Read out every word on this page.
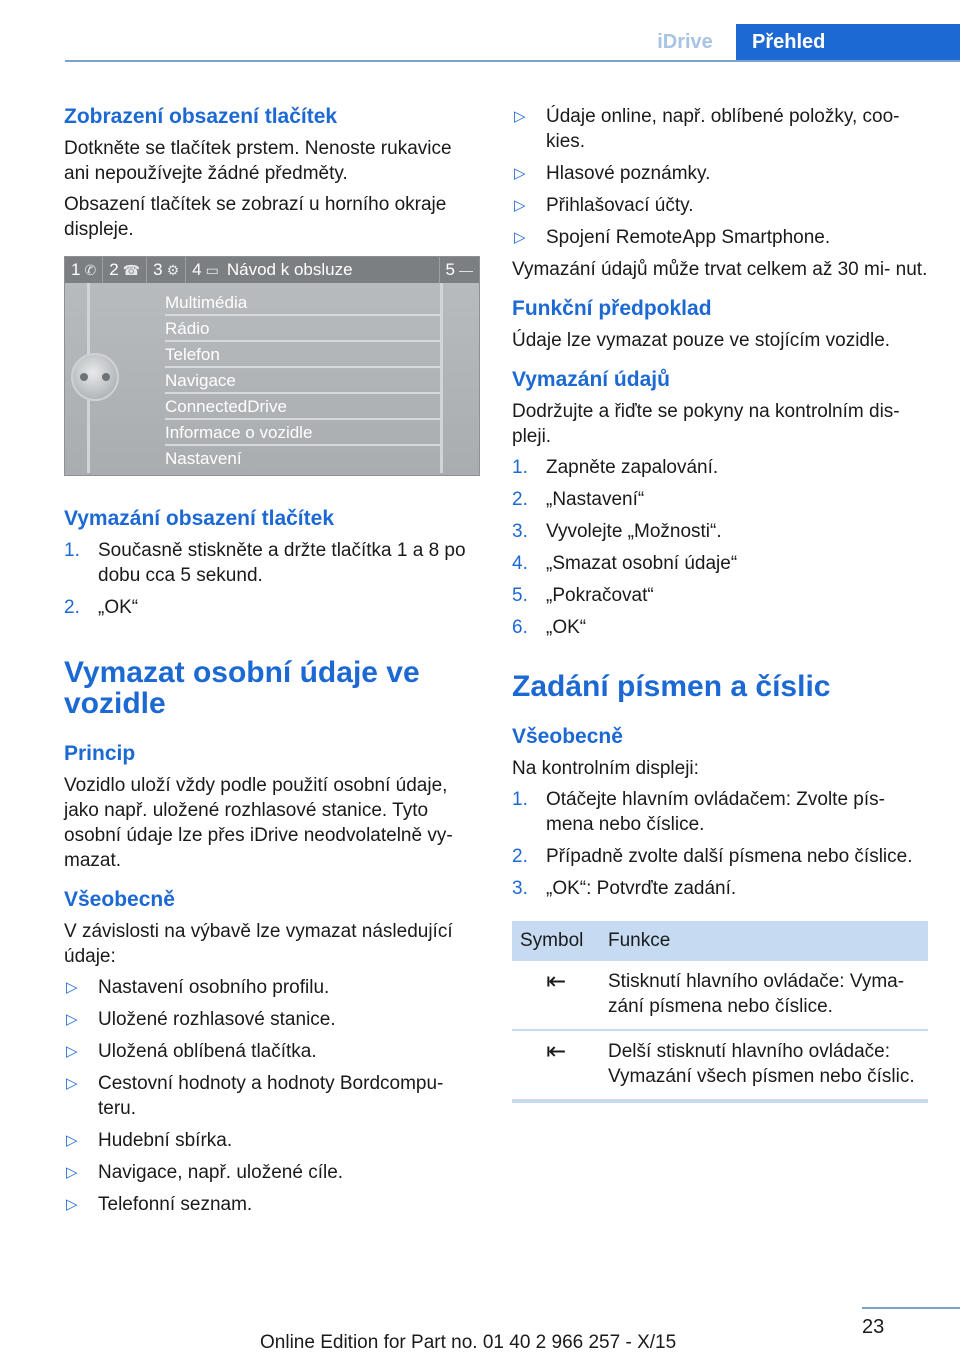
iDrive	Přehled
Zobrazení obsazení tlačítek

Dotkněte se tlačítek prstem. Nenoste rukavice ani nepoužívejte žádné předměty.

Obsazení tlačítek se zobrazí u horního okraje displeje.

1 ✆ 2 ☎ 3 ⚙ 4 ▭ Návod k obsluze	5 —
Multimédia
Rádio
Telefon
Navigace
ConnectedDrive
Informace o vozidle
Nastavení
Vymazání obsazení tlačítek
1. Současně stiskněte a držte tlačítka 1 a 8 po dobu cca 5 sekund.
2. „OK“
Vymazat osobní údaje ve vozidle
Princip

Vozidlo uloží vždy podle použití osobní údaje, jako např. uložené rozhlasové stanice. Tyto osobní údaje lze přes iDrive neodvolatelně vy‐ mazat.

Všeobecně

V závislosti na výbavě lze vymazat následující údaje:

▷ Nastavení osobního profilu.
▷ Uložené rozhlasové stanice.
▷ Uložená oblíbená tlačítka.
▷ Cestovní hodnoty a hodnoty Bordcompu‐ teru.
▷ Hudební sbírka.
▷ Navigace, např. uložené cíle.
▷ Telefonní seznam.
▷ Údaje online, např. oblíbené položky, coo‐ kies.
▷ Hlasové poznámky.
▷ Přihlašovací účty.
▷ Spojení RemoteApp Smartphone.

Vymazání údajů může trvat celkem až 30 mi‐ nut.

Funkční předpoklad

Údaje lze vymazat pouze ve stojícím vozidle.

Vymazání údajů

Dodržujte a řiďte se pokyny na kontrolním dis‐ pleji.

1. Zapněte zapalování.
2. „Nastavení“
3. Vyvolejte „Možnosti“.
4. „Smazat osobní údaje“
5. „Pokračovat“
6. „OK“
Zadání písmen a číslic
Všeobecně

Na kontrolním displeji:

1. Otáčejte hlavním ovládačem: Zvolte pís‐ mena nebo číslice.
2. Případně zvolte další písmena nebo číslice.
3. „OK“: Potvrďte zadání.
Symbol	Funkce
⇤	Stisknutí hlavního ovládače: Vyma‐ zání písmena nebo číslice.
⇤	Delší stisknutí hlavního ovládače: Vymazání všech písmen nebo číslic.
23
Online Edition for Part no. 01 40 2 966 257 - X/15
